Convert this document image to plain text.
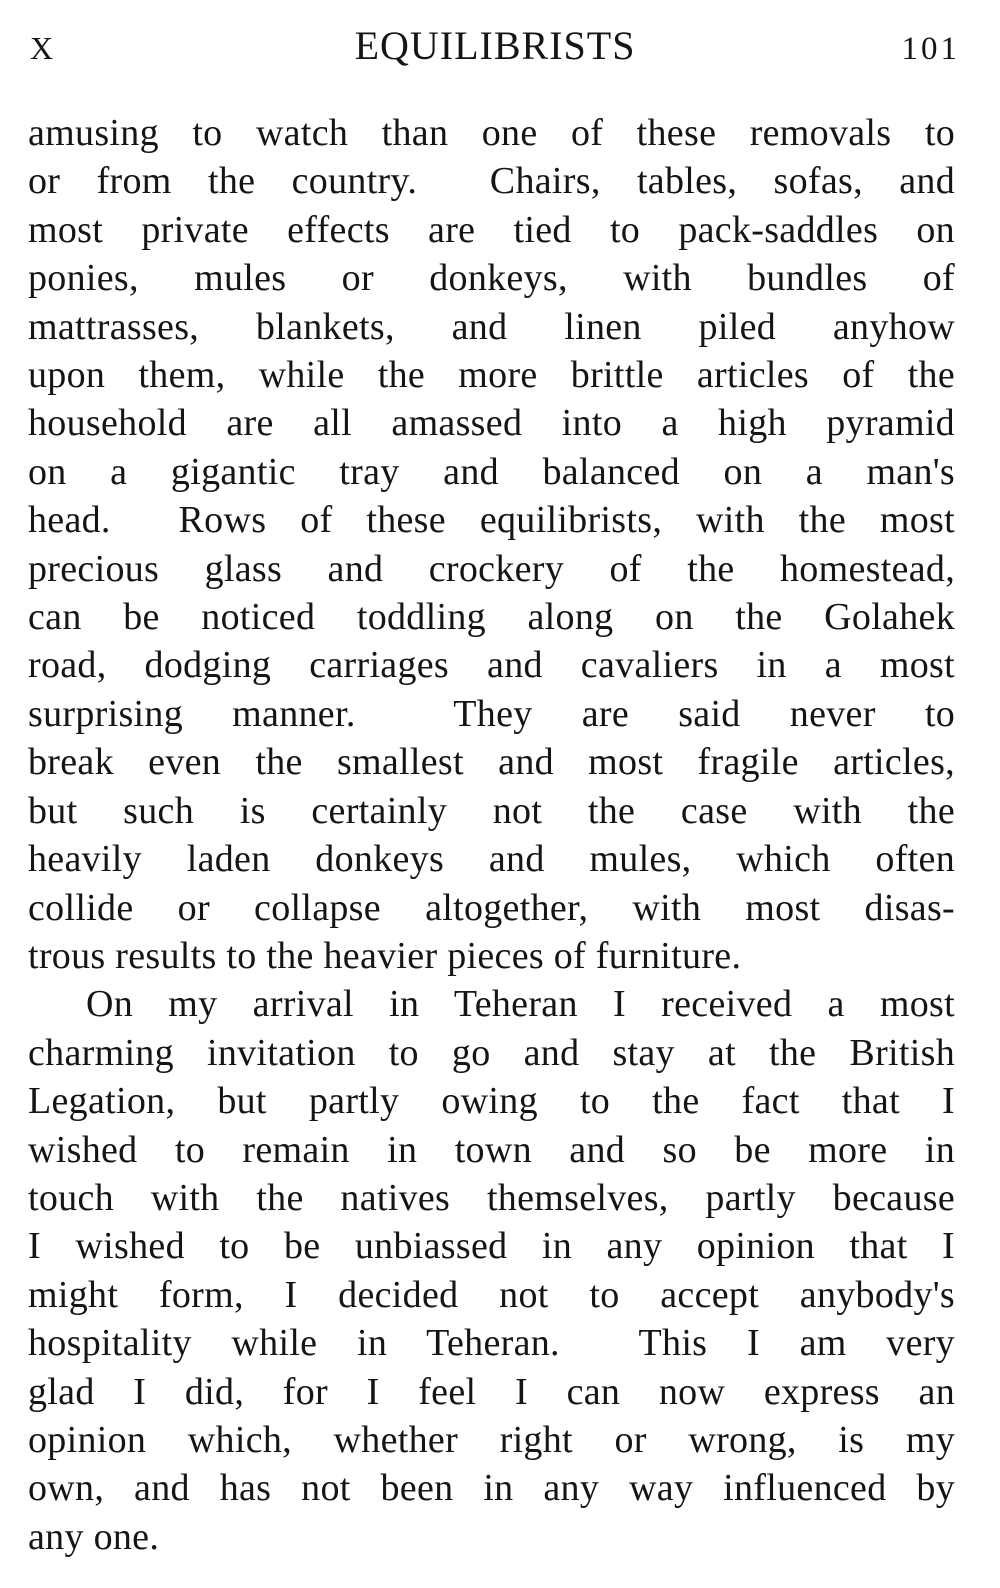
X	EQUILIBRISTS	101
amusing to watch than one of these removals to
or from the country.  Chairs, tables, sofas, and
most private effects are tied to pack-saddles on
ponies, mules or donkeys, with bundles of
mattrasses, blankets, and linen piled anyhow
upon them, while the more brittle articles of the
household are all amassed into a high pyramid
on a gigantic tray and balanced on a man's
head.  Rows of these equilibrists, with the most
precious glass and crockery of the homestead,
can be noticed toddling along on the Golahek
road, dodging carriages and cavaliers in a most
surprising manner.  They are said never to
break even the smallest and most fragile articles,
but such is certainly not the case with the
heavily laden donkeys and mules, which often
collide or collapse altogether, with most disas-
trous results to the heavier pieces of furniture.
On my arrival in Teheran I received a most
charming invitation to go and stay at the British
Legation, but partly owing to the fact that I
wished to remain in town and so be more in
touch with the natives themselves, partly because
I wished to be unbiassed in any opinion that I
might form, I decided not to accept anybody's
hospitality while in Teheran.  This I am very
glad I did, for I feel I can now express an
opinion which, whether right or wrong, is my
own, and has not been in any way influenced by
any one.
